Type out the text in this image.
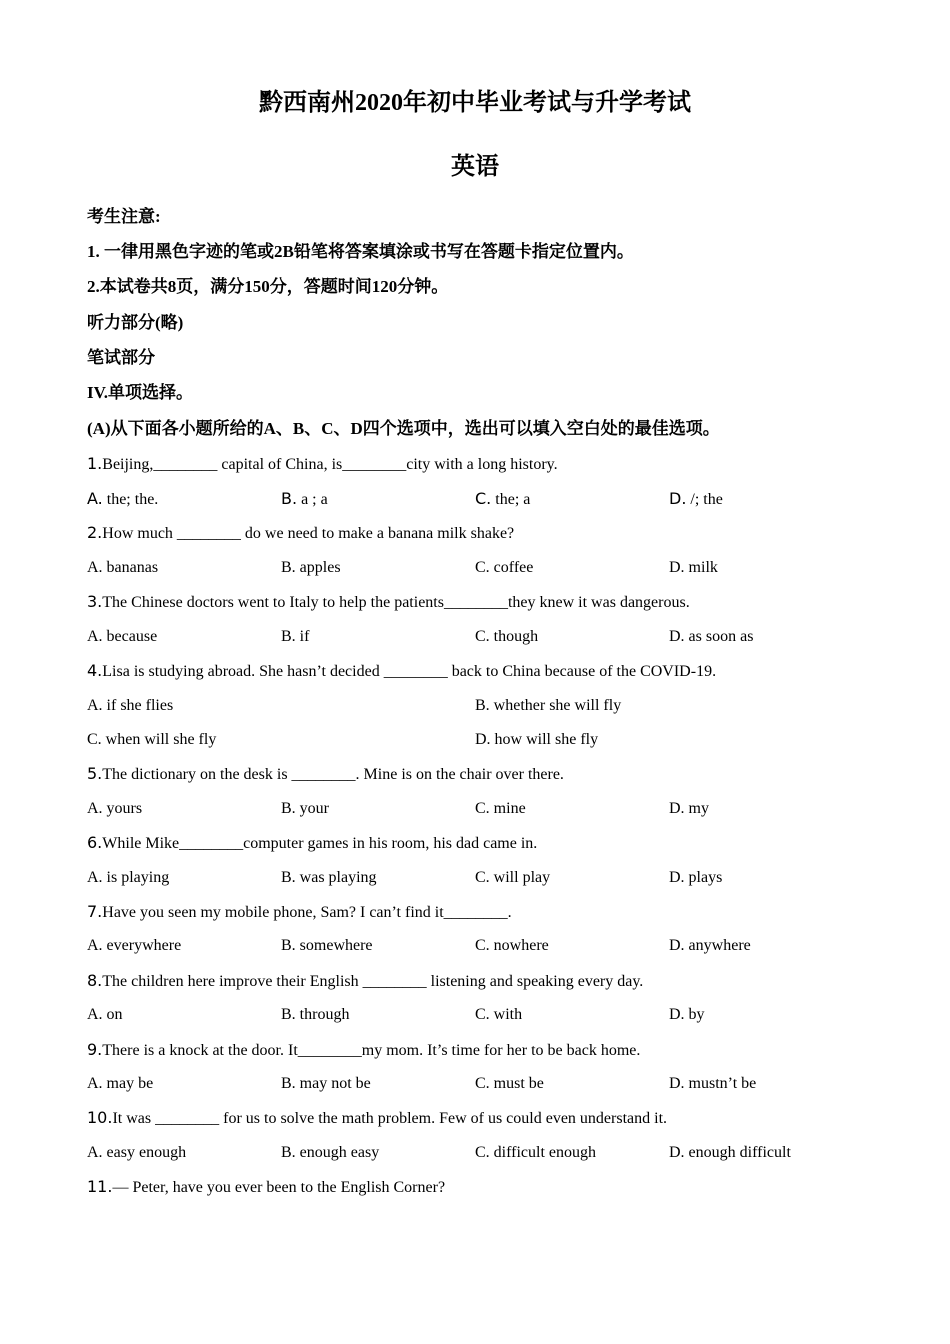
黔西南州2020年初中毕业考试与升学考试
英语
考生注意:
1. 一律用黑色字迹的笔或2B铅笔将答案填涂或书写在答题卡指定位置内。
2.本试卷共8页，满分150分，答题时间120分钟。
听力部分(略)
笔试部分
IV.单项选择。
(A)从下面各小题所给的A、B、C、D四个选项中，选出可以填入空白处的最佳选项。
1.Beijing,________ capital of China, is________city with a long history.
A. the; the.	B. a ; a	C. the; a	D. /; the
2.How much ________ do we need to make a banana milk shake?
A. bananas	B. apples	C. coffee	D. milk
3.The Chinese doctors went to Italy to help the patients________they knew it was dangerous.
A. because	B. if	C. though	D. as soon as
4.Lisa is studying abroad. She hasn’t decided ________ back to China because of the COVID-19.
A. if she flies	B. whether she will fly
C. when will she fly	D. how will she fly
5.The dictionary on the desk is ________. Mine is on the chair over there.
A. yours	B. your	C. mine	D. my
6.While Mike________computer games in his room, his dad came in.
A. is playing	B. was playing	C. will play	D. plays
7.Have you seen my mobile phone, Sam? I can’t find it________.
A. everywhere	B. somewhere	C. nowhere	D. anywhere
8.The children here improve their English ________ listening and speaking every day.
A. on	B. through	C. with	D. by
9.There is a knock at the door. It________my mom. It’s time for her to be back home.
A. may be	B. may not be	C. must be	D. mustn’t be
10.It was ________ for us to solve the math problem. Few of us could even understand it.
A. easy enough	B. enough easy	C. difficult enough	D. enough difficult
11.— Peter, have you ever been to the English Corner?
